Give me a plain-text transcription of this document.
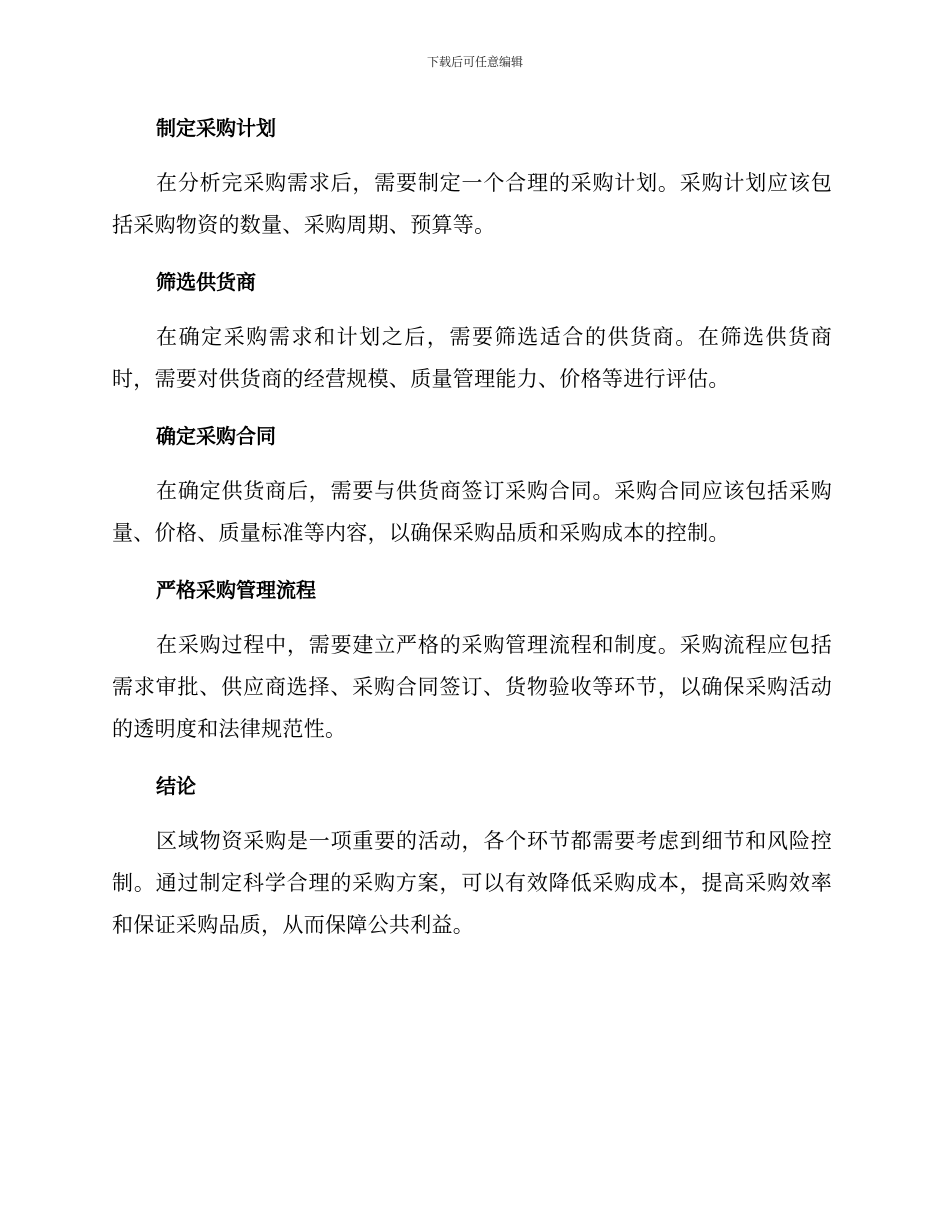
下载后可任意编辑
制定采购计划

在分析完采购需求后，需要制定一个合理的采购计划。采购计划应该包括采购物资的数量、采购周期、预算等。

筛选供货商

在确定采购需求和计划之后，需要筛选适合的供货商。在筛选供货商时，需要对供货商的经营规模、质量管理能力、价格等进行评估。

确定采购合同

在确定供货商后，需要与供货商签订采购合同。采购合同应该包括采购量、价格、质量标准等内容，以确保采购品质和采购成本的控制。

严格采购管理流程

在采购过程中，需要建立严格的采购管理流程和制度。采购流程应包括需求审批、供应商选择、采购合同签订、货物验收等环节，以确保采购活动的透明度和法律规范性。

结论

区域物资采购是一项重要的活动，各个环节都需要考虑到细节和风险控制。通过制定科学合理的采购方案，可以有效降低采购成本，提高采购效率和保证采购品质，从而保障公共利益。
